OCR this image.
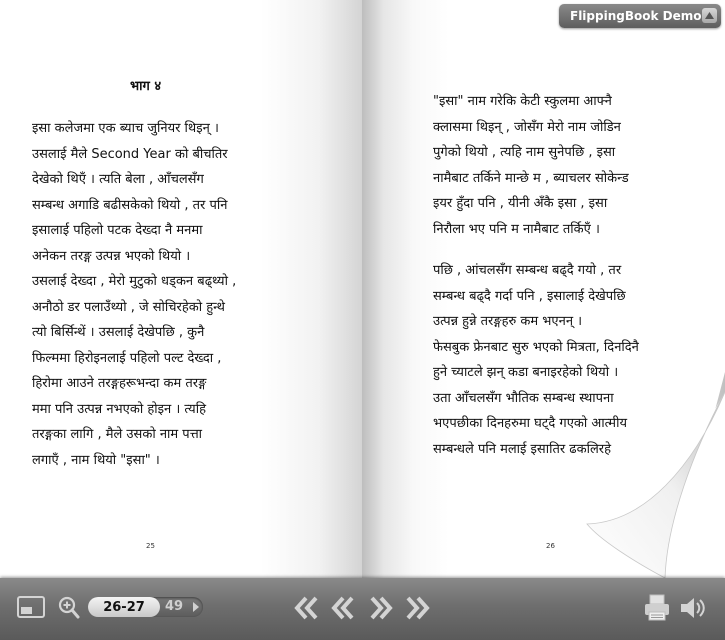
भाग ४
इसा कलेजमा एक ब्याच जुनियर थिइन् ।
उसलाई मैले Second Year को बीचतिर
देखेको थिएँ । त्यति बेला , आँचलसँग
सम्बन्ध अगाडि बढीसकेको थियो , तर पनि
इसालाई पहिलो पटक देख्दा नै मनमा
अनेकन तरङ्ग उत्पन्न भएको थियो ।
उसलाई देख्दा , मेरो मुटुको धड्कन बढ्थ्यो ,
अनौठो डर पलाउँथ्यो , जे सोचिरहेको हुन्थे
त्यो बिर्सिन्थें । उसलाई देखेपछि , कुनै
फिल्ममा हिरोइनलाई पहिलो पल्ट देख्दा ,
हिरोमा आउने तरङ्गहरूभन्दा कम तरङ्ग
ममा पनि उत्पन्न नभएको होइन । त्यहि
तरङ्गका लागि , मैले उसको नाम पत्ता
लगाएँ , नाम थियो "इसा" ।
25
"इसा" नाम गरेकि केटी स्कुलमा आफ्नै
क्लासमा थिइन् , जोसँग मेरो नाम जोडिन
पुगेको थियो , त्यहि नाम सुनेपछि , इसा
नामैबाट तर्किने मान्छे म , ब्याचलर सोकेन्ड
इयर हुँदा पनि , यीनी अँकै इसा , इसा
निरौला भए पनि म नामैबाट तर्किएँ ।
पछि , आंचलसँग सम्बन्ध बढ्दै गयो , तर
सम्बन्ध बढ्दै गर्दा पनि , इसालाई देखेपछि
उत्पन्न हुन्ने तरङ्गहरु कम भएनन् ।
फेसबुक फ्रेनबाट सुरु भएको मित्रता, दिनदिनै
हुने च्याटले झन् कडा बनाइरहेको थियो ।
उता आँचलसँग भौतिक सम्बन्ध स्थापना
भएपछीका दिनहरुमा घट्दै गएको आत्मीय
सम्बन्धले पनि मलाई इसातिर ढकलिरहे
26
FlippingBook Demo
26-27	49
